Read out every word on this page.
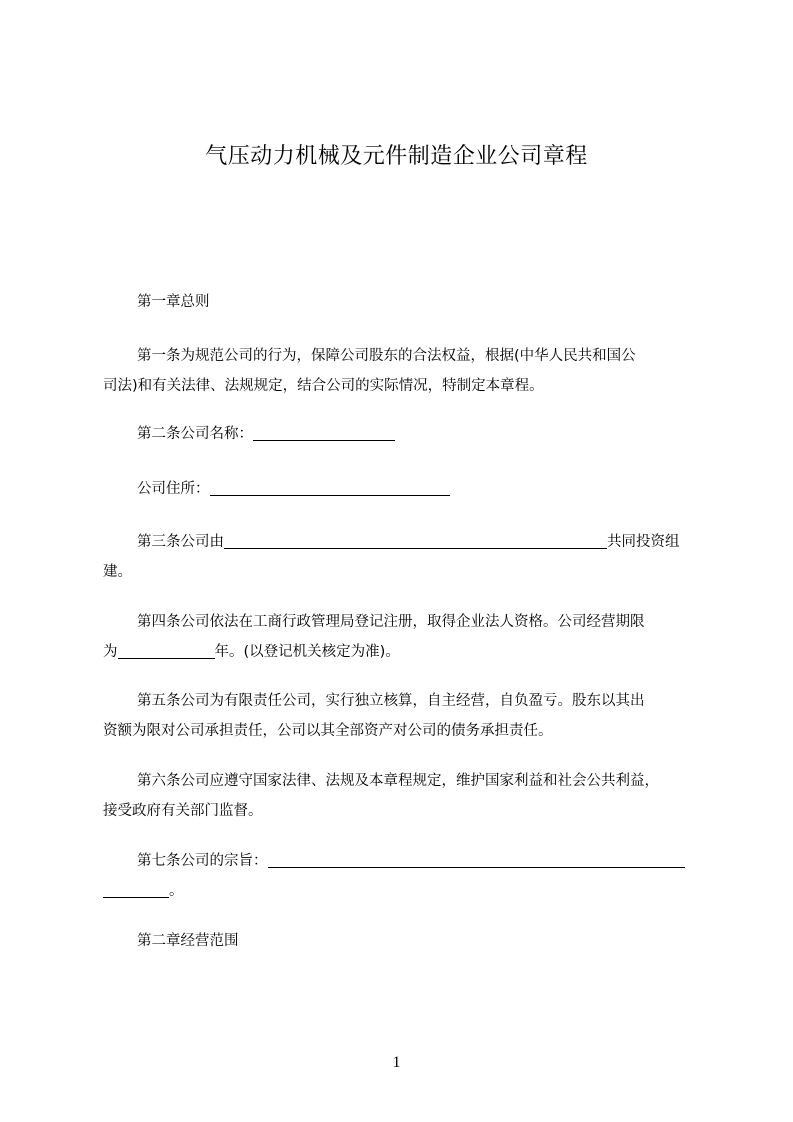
气压动力机械及元件制造企业公司章程
第一章总则
第一条为规范公司的行为，保障公司股东的合法权益，根据(中华人民共和国公
司法)和有关法律、法规规定，结合公司的实际情况，特制定本章程。
第二条公司名称：
公司住所：
第三条公司由	共同投资组
建。
第四条公司依法在工商行政管理局登记注册，取得企业法人资格。公司经营期限
为	年。(以登记机关核定为准)。
第五条公司为有限责任公司，实行独立核算，自主经营，自负盈亏。股东以其出
资额为限对公司承担责任，公司以其全部资产对公司的债务承担责任。
第六条公司应遵守国家法律、法规及本章程规定，维护国家利益和社会公共利益，
接受政府有关部门监督。
第七条公司的宗旨：
。
第二章经营范围
1
